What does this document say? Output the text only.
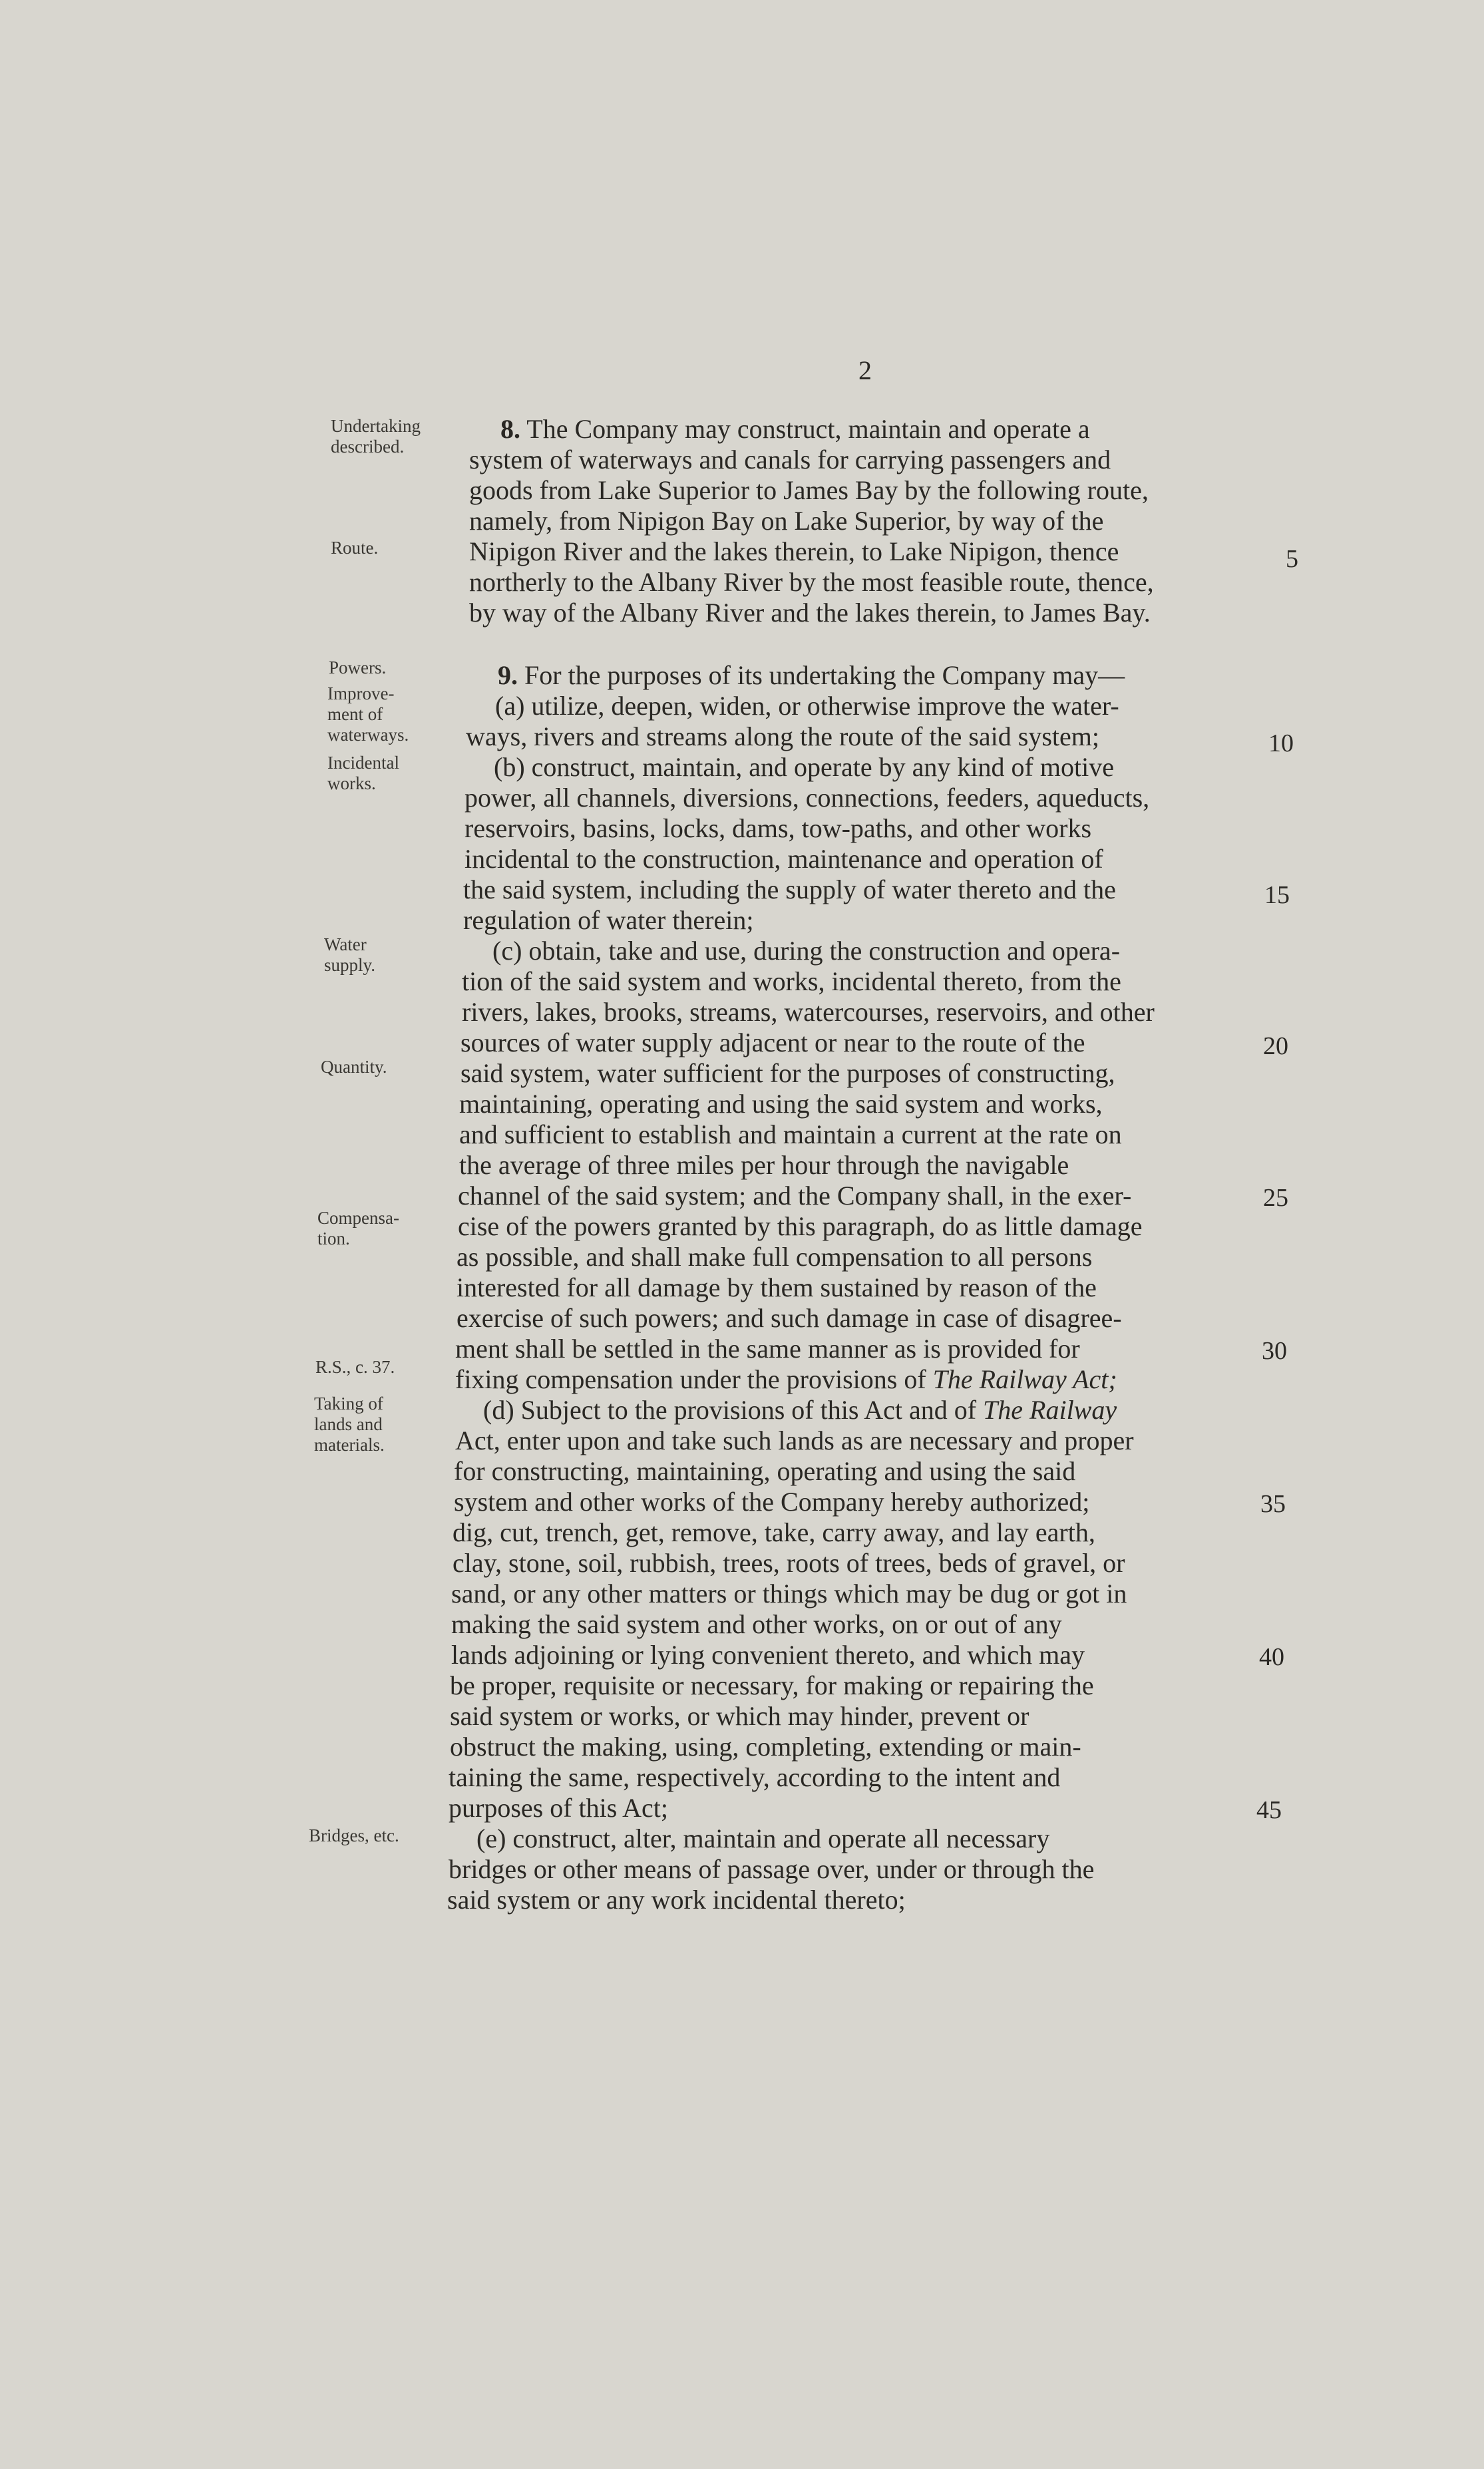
2
Undertaking
described.
Route.
Powers.
Improve-
ment of
waterways.
Incidental
works.
Water
supply.
Quantity.
Compensa-
tion.
R.S., c. 37.
Taking of
lands and
materials.
Bridges, etc.
8. The Company may construct, maintain and operate a
system of waterways and canals for carrying passengers and
goods from Lake Superior to James Bay by the following route,
namely, from Nipigon Bay on Lake Superior, by way of the
Nipigon River and the lakes therein, to Lake Nipigon, thence
northerly to the Albany River by the most feasible route, thence,
by way of the Albany River and the lakes therein, to James Bay.
9. For the purposes of its undertaking the Company may—
(a) utilize, deepen, widen, or otherwise improve the water-
ways, rivers and streams along the route of the said system;
(b) construct, maintain, and operate by any kind of motive
power, all channels, diversions, connections, feeders, aqueducts,
reservoirs, basins, locks, dams, tow-paths, and other works
incidental to the construction, maintenance and operation of
the said system, including the supply of water thereto and the
regulation of water therein;
(c) obtain, take and use, during the construction and opera-
tion of the said system and works, incidental thereto, from the
rivers, lakes, brooks, streams, watercourses, reservoirs, and other
sources of water supply adjacent or near to the route of the
said system, water sufficient for the purposes of constructing,
maintaining, operating and using the said system and works,
and sufficient to establish and maintain a current at the rate on
the average of three miles per hour through the navigable
channel of the said system; and the Company shall, in the exer-
cise of the powers granted by this paragraph, do as little damage
as possible, and shall make full compensation to all persons
interested for all damage by them sustained by reason of the
exercise of such powers; and such damage in case of disagree-
ment shall be settled in the same manner as is provided for
fixing compensation under the provisions of The Railway Act;
(d) Subject to the provisions of this Act and of The Railway
Act, enter upon and take such lands as are necessary and proper
for constructing, maintaining, operating and using the said
system and other works of the Company hereby authorized;
dig, cut, trench, get, remove, take, carry away, and lay earth,
clay, stone, soil, rubbish, trees, roots of trees, beds of gravel, or
sand, or any other matters or things which may be dug or got in
making the said system and other works, on or out of any
lands adjoining or lying convenient thereto, and which may
be proper, requisite or necessary, for making or repairing the
said system or works, or which may hinder, prevent or
obstruct the making, using, completing, extending or main-
taining the same, respectively, according to the intent and
purposes of this Act;
(e) construct, alter, maintain and operate all necessary
bridges or other means of passage over, under or through the
said system or any work incidental thereto;
5
10
15
20
25
30
35
40
45
